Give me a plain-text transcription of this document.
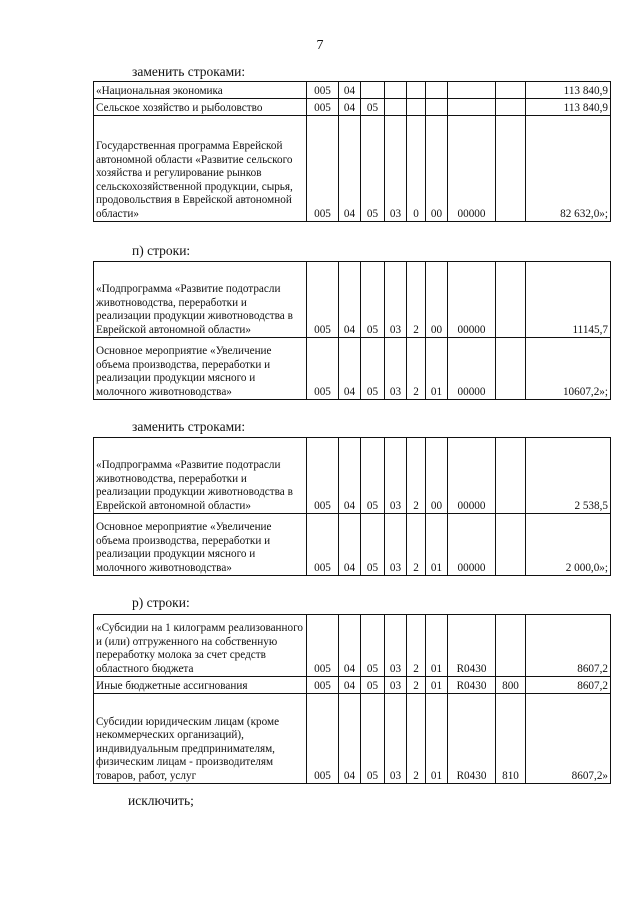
7
заменить строками:
«Национальная экономика	005	04							113 840,9
Сельское хозяйство и рыболовство	005	04	05						113 840,9
Государственная программа Еврейской автономной области «Развитие сельского хозяйства и регулирование рынков сельскохозяйственной продукции, сырья, продовольствия в Еврейской автономной области»	005	04	05	03	0	00	00000		82 632,0»;
п) строки:
«Подпрограмма «Развитие подотрасли животноводства, переработки и реализации продукции животноводства в Еврейской автономной области»	005	04	05	03	2	00	00000		11145,7
Основное мероприятие «Увеличение объема производства, переработки и реализации продукции мясного и молочного животноводства»	005	04	05	03	2	01	00000		10607,2»;
заменить строками:
«Подпрограмма «Развитие подотрасли животноводства, переработки и реализации продукции животноводства в Еврейской автономной области»	005	04	05	03	2	00	00000		2 538,5
Основное мероприятие «Увеличение объема производства, переработки и реализации продукции мясного и молочного животноводства»	005	04	05	03	2	01	00000		2 000,0»;
р) строки:
«Субсидии на 1 килограмм реализованного и (или) отгруженного на собственную переработку молока за счет средств областного бюджета	005	04	05	03	2	01	R0430		8607,2
Иные бюджетные ассигнования	005	04	05	03	2	01	R0430	800	8607,2
Субсидии юридическим лицам (кроме некоммерческих организаций), индивидуальным предпринимателям, физическим лицам - производителям товаров, работ, услуг	005	04	05	03	2	01	R0430	810	8607,2»
исключить;
